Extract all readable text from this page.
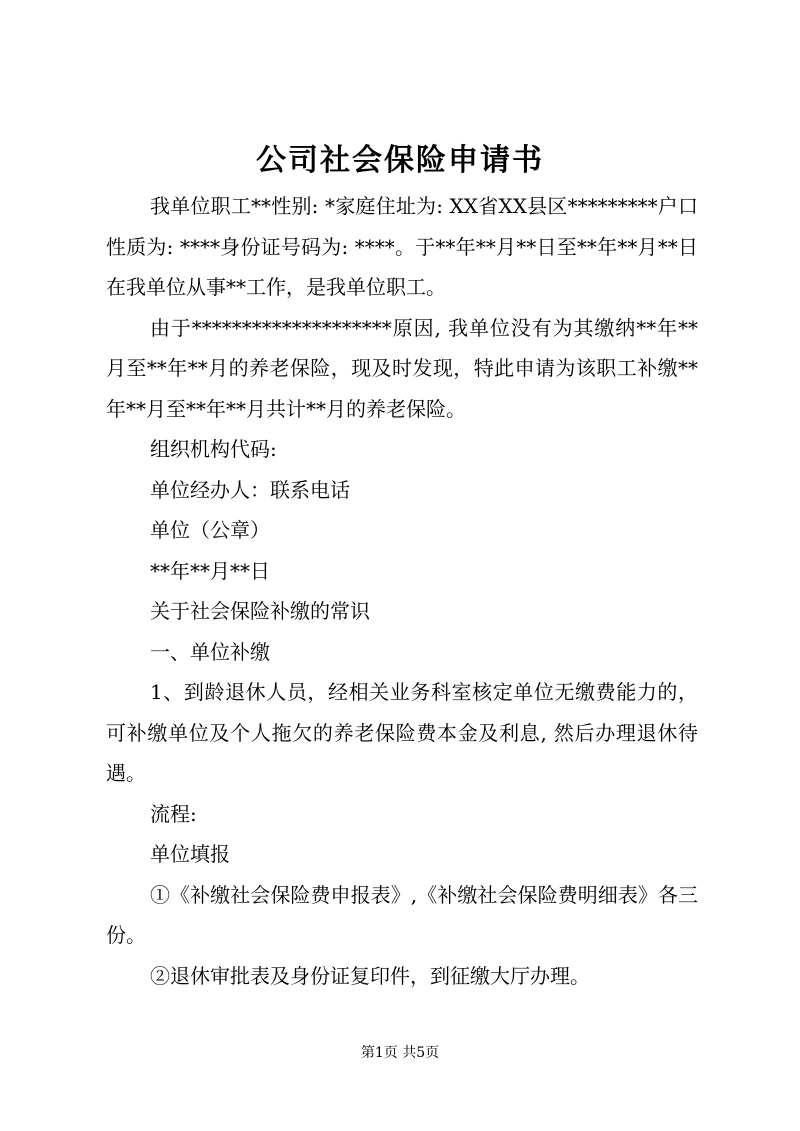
公司社会保险申请书

我单位职工**性别: *家庭住址为: XX省XX县区*********户口性质为: ****身份证号码为: ****。于**年**月**日至**年**月**日在我单位从事**工作，是我单位职工。

由于********************原因, 我单位没有为其缴纳**年**月至**年**月的养老保险，现及时发现，特此申请为该职工补缴**年**月至**年**月共计**月的养老保险。

组织机构代码:

单位经办人：联系电话

单位（公章）

**年**月**日

关于社会保险补缴的常识

一、单位补缴

1、到龄退休人员，经相关业务科室核定单位无缴费能力的，可补缴单位及个人拖欠的养老保险费本金及利息, 然后办理退休待遇。

流程:

单位填报

①《补缴社会保险费申报表》,《补缴社会保险费明细表》各三份。

②退休审批表及身份证复印件，到征缴大厅办理。

第1页 共5页
